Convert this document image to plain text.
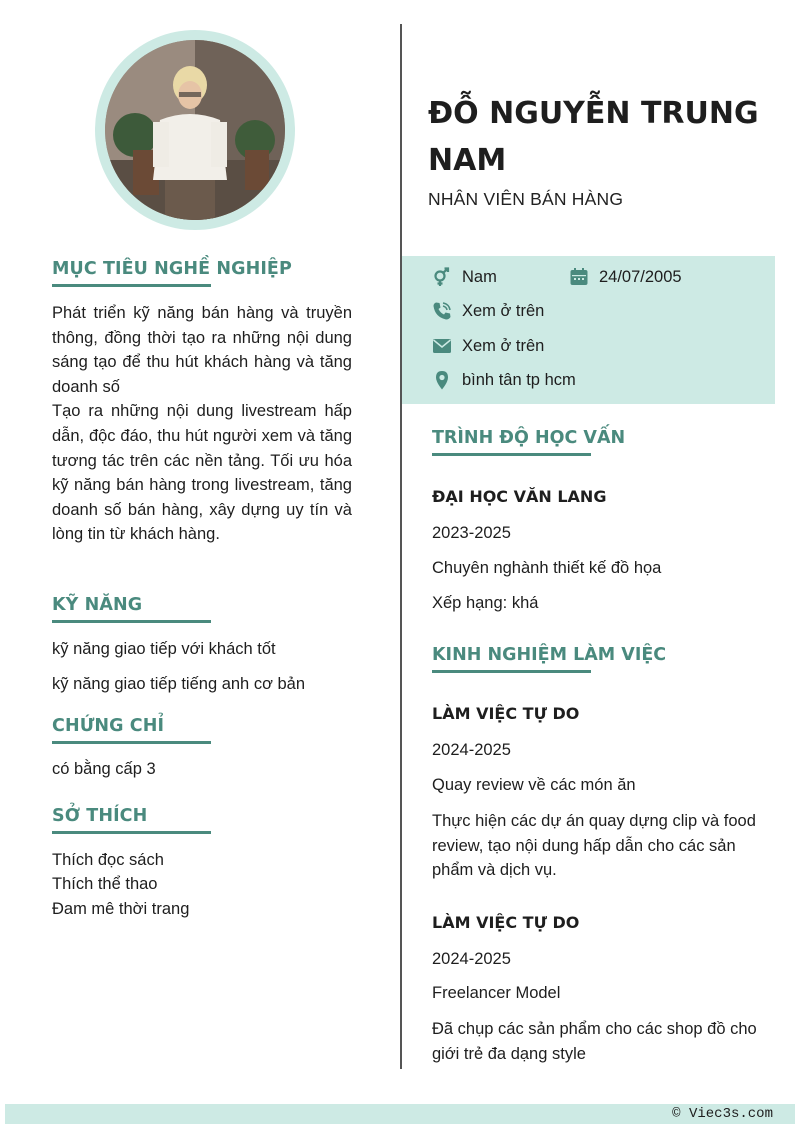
MỤC TIÊU NGHỀ NGHIỆP

Phát triển kỹ năng bán hàng và truyền thông, đồng thời tạo ra những nội dung sáng tạo để thu hút khách hàng và tăng doanh số

Tạo ra những nội dung livestream hấp dẫn, độc đáo, thu hút người xem và tăng tương tác trên các nền tảng. Tối ưu hóa kỹ năng bán hàng trong livestream, tăng doanh số bán hàng, xây dựng uy tín và lòng tin từ khách hàng.

KỸ NĂNG
kỹ năng giao tiếp với khách tốt
kỹ năng giao tiếp tiếng anh cơ bản
CHỨNG CHỈ
có bằng cấp 3
SỞ THÍCH
Thích đọc sách
Thích thể thao
Đam mê thời trang
ĐỖ NGUYỄN TRUNG NAM
NHÂN VIÊN BÁN HÀNG
Nam	24/07/2005
Xem ở trên
Xem ở trên
bình tân tp hcm
TRÌNH ĐỘ HỌC VẤN
ĐẠI HỌC VĂN LANG
2023-2025
Chuyên nghành thiết kế đồ họa
Xếp hạng: khá
KINH NGHIỆM LÀM VIỆC
LÀM VIỆC TỰ DO
2024-2025
Quay review về các món ăn
Thực hiện các dự án quay dựng clip và food review, tạo nội dung hấp dẫn cho các sản phẩm và dịch vụ.
LÀM VIỆC TỰ DO
2024-2025
Freelancer Model
Đã chụp các sản phẩm cho các shop đồ cho giới trẻ đa dạng style
© Viec3s.com
